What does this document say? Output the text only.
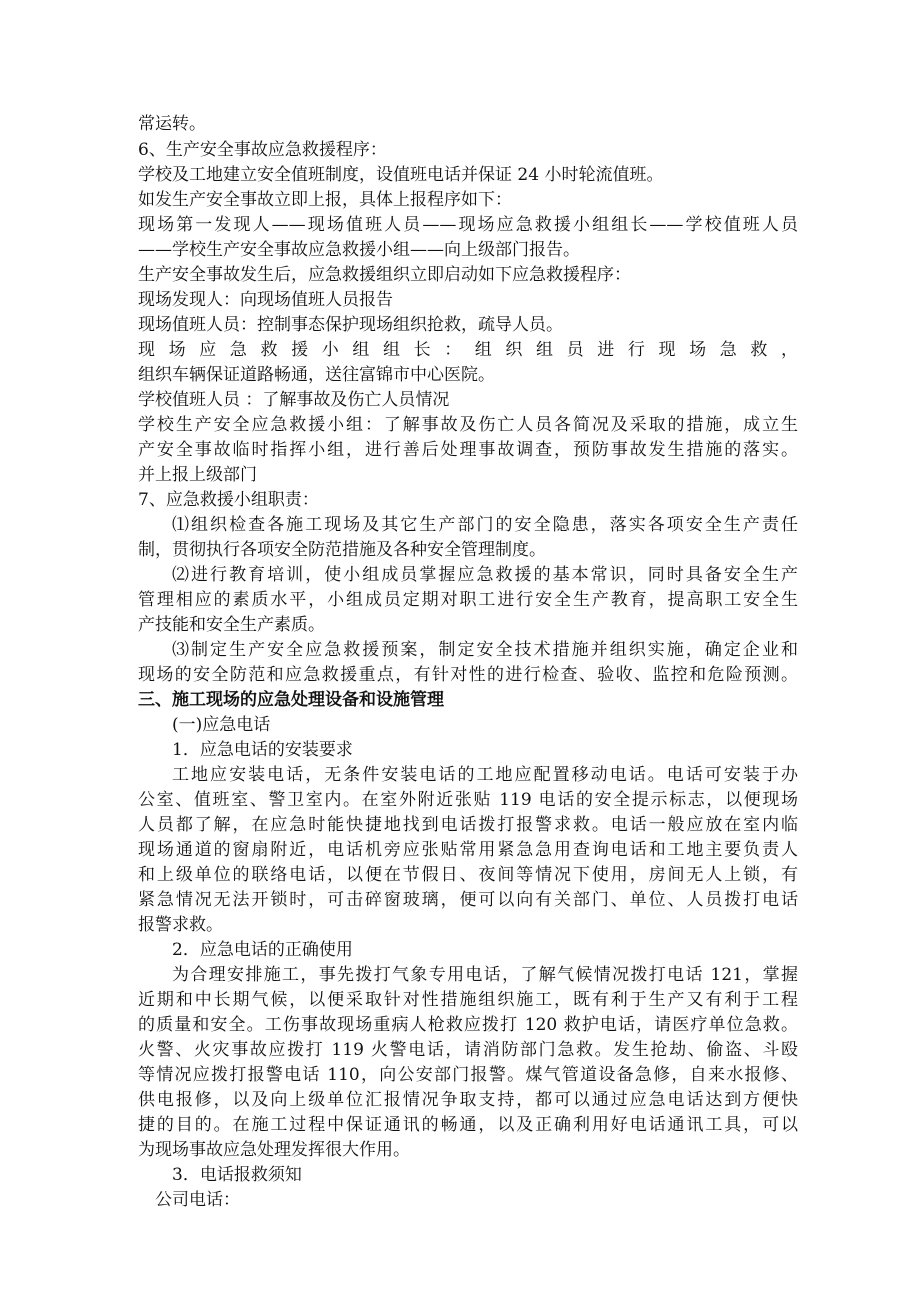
常运转。
6、生产安全事故应急救援程序：
学校及工地建立安全值班制度，设值班电话并保证 24 小时轮流值班。
如发生产安全事故立即上报，具体上报程序如下：
现场第一发现人——现场值班人员——现场应急救援小组组长——学校值班人员
——学校生产安全事故应急救援小组——向上级部门报告。
生产安全事故发生后，应急救援组织立即启动如下应急救援程序：
现场发现人：向现场值班人员报告
现场值班人员：控制事态保护现场组织抢救，疏导人员。
现场应急救援小组组长：组织组员进行现场急救，
组织车辆保证道路畅通，送往富锦市中心医院。
学校值班人员 ：了解事故及伤亡人员情况
学校生产安全应急救援小组：了解事故及伤亡人员各简况及采取的措施，成立生
产安全事故临时指挥小组，进行善后处理事故调查，预防事故发生措施的落实。
并上报上级部门
7、应急救援小组职责：
⑴组织检查各施工现场及其它生产部门的安全隐患，落实各项安全生产责任
制，贯彻执行各项安全防范措施及各种安全管理制度。
⑵进行教育培训，使小组成员掌握应急救援的基本常识，同时具备安全生产
管理相应的素质水平，小组成员定期对职工进行安全生产教育，提高职工安全生
产技能和安全生产素质。
⑶制定生产安全应急救援预案，制定安全技术措施并组织实施，确定企业和
现场的安全防范和应急救援重点，有针对性的进行检查、验收、监控和危险预测。
三、施工现场的应急处理设备和设施管理
(一)应急电话
1．应急电话的安装要求
工地应安装电话，无条件安装电话的工地应配置移动电话。电话可安装于办
公室、值班室、警卫室内。在室外附近张贴 119 电话的安全提示标志，以便现场
人员都了解，在应急时能快捷地找到电话拨打报警求救。电话一般应放在室内临
现场通道的窗扇附近，电话机旁应张贴常用紧急急用查询电话和工地主要负责人
和上级单位的联络电话，以便在节假日、夜间等情况下使用，房间无人上锁，有
紧急情况无法开锁时，可击碎窗玻璃，便可以向有关部门、单位、人员拨打电话
报警求救。
2．应急电话的正确使用
为合理安排施工，事先拨打气象专用电话，了解气候情况拨打电话 121，掌握
近期和中长期气候，以便采取针对性措施组织施工，既有利于生产又有利于工程
的质量和安全。工伤事故现场重病人枪救应拨打 120 救护电话，请医疗单位急救。
火警、火灾事故应拨打 119 火警电话，请消防部门急救。发生抢劫、偷盗、斗殴
等情况应拨打报警电话 110，向公安部门报警。煤气管道设备急修，自来水报修、
供电报修，以及向上级单位汇报情况争取支持，都可以通过应急电话达到方便快
捷的目的。在施工过程中保证通讯的畅通，以及正确利用好电话通讯工具，可以
为现场事故应急处理发挥很大作用。
3．电话报救须知
公司电话：
